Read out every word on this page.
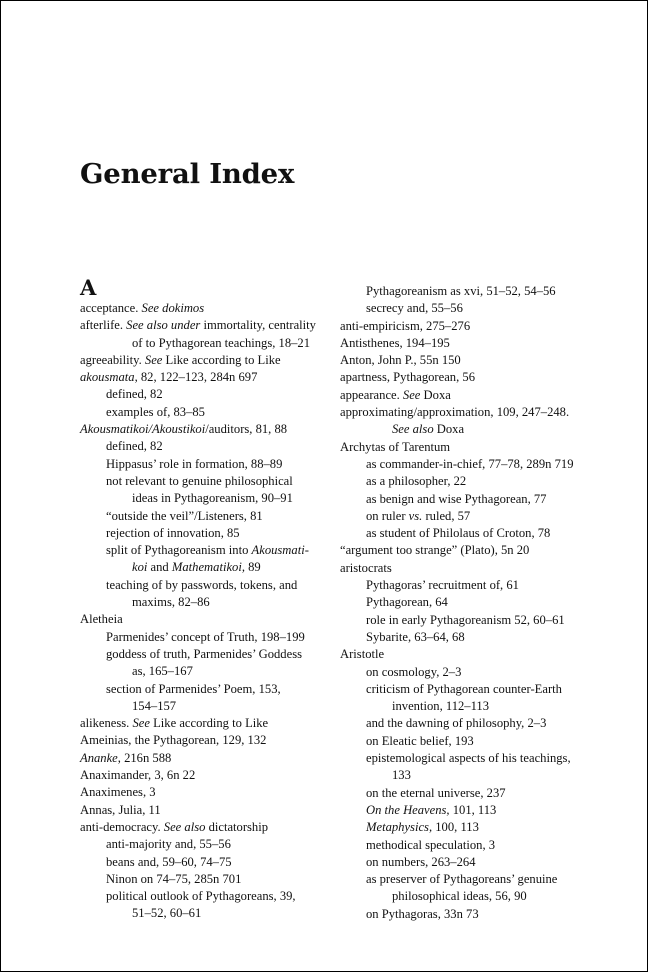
General Index
A
acceptance. See dokimos
afterlife. See also under immortality, centrality
of to Pythagorean teachings, 18–21
agreeability. See Like according to Like
akousmata, 82, 122–123, 284n 697
defined, 82
examples of, 83–85
Akousmatikoi/Akoustikoi/auditors, 81, 88
defined, 82
Hippasus’ role in formation, 88–89
not relevant to genuine philosophical
ideas in Pythagoreanism, 90–91
“outside the veil”/Listeners, 81
rejection of innovation, 85
split of Pythagoreanism into Akousmati-
koi and Mathematikoi, 89
teaching of by passwords, tokens, and
maxims, 82–86
Aletheia
Parmenides’ concept of Truth, 198–199
goddess of truth, Parmenides’ Goddess
as, 165–167
section of Parmenides’ Poem, 153,
154–157
alikeness. See Like according to Like
Ameinias, the Pythagorean, 129, 132
Ananke, 216n 588
Anaximander, 3, 6n 22
Anaximenes, 3
Annas, Julia, 11
anti-democracy. See also dictatorship
anti-majority and, 55–56
beans and, 59–60, 74–75
Ninon on 74–75, 285n 701
political outlook of Pythagoreans, 39,
51–52, 60–61
Pythagoreanism as xvi, 51–52, 54–56
secrecy and, 55–56
anti-empiricism, 275–276
Antisthenes, 194–195
Anton, John P., 55n 150
apartness, Pythagorean, 56
appearance. See Doxa
approximating/approximation, 109, 247–248.
See also Doxa
Archytas of Tarentum
as commander-in-chief, 77–78, 289n 719
as a philosopher, 22
as benign and wise Pythagorean, 77
on ruler vs. ruled, 57
as student of Philolaus of Croton, 78
“argument too strange” (Plato), 5n 20
aristocrats
Pythagoras’ recruitment of, 61
Pythagorean, 64
role in early Pythagoreanism 52, 60–61
Sybarite, 63–64, 68
Aristotle
on cosmology, 2–3
criticism of Pythagorean counter-Earth
invention, 112–113
and the dawning of philosophy, 2–3
on Eleatic belief, 193
epistemological aspects of his teachings,
133
on the eternal universe, 237
On the Heavens, 101, 113
Metaphysics, 100, 113
methodical speculation, 3
on numbers, 263–264
as preserver of Pythagoreans’ genuine
philosophical ideas, 56, 90
on Pythagoras, 33n 73
